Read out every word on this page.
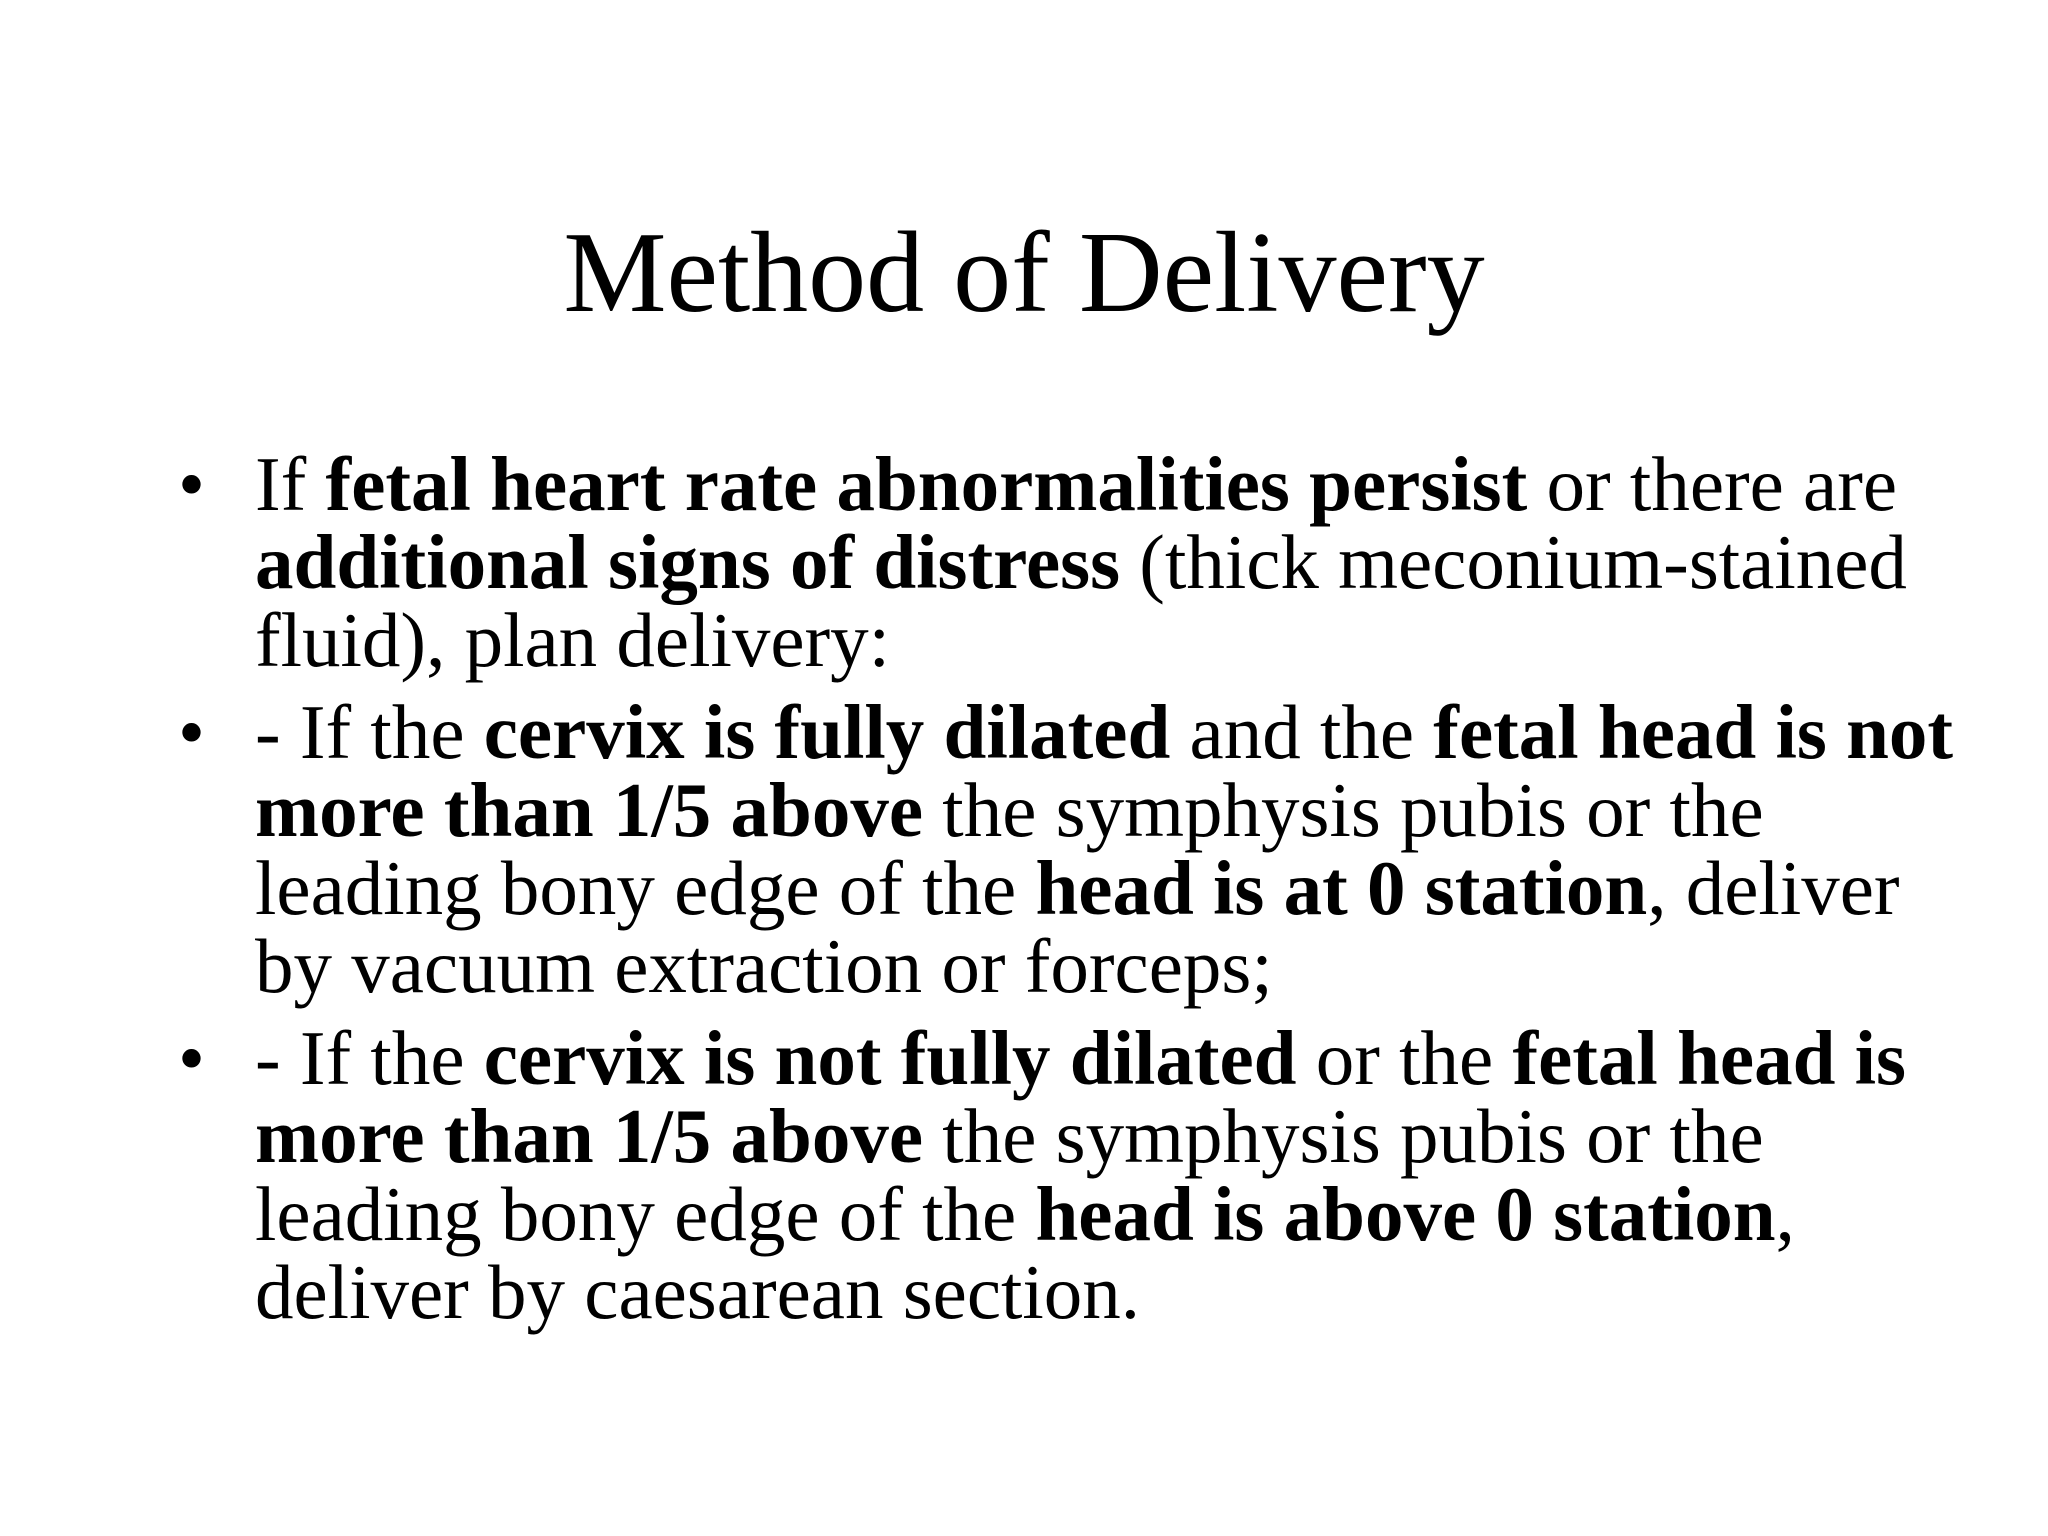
Method of Delivery
• If fetal heart rate abnormalities persist or there are additional signs of distress (thick meconium-stained fluid), plan delivery:
• - If the cervix is fully dilated and the fetal head is not more than 1/5 above the symphysis pubis or the leading bony edge of the head is at 0 station, deliver by vacuum extraction or forceps;
• - If the cervix is not fully dilated or the fetal head is more than 1/5 above the symphysis pubis or the leading bony edge of the head is above 0 station, deliver by caesarean section.
